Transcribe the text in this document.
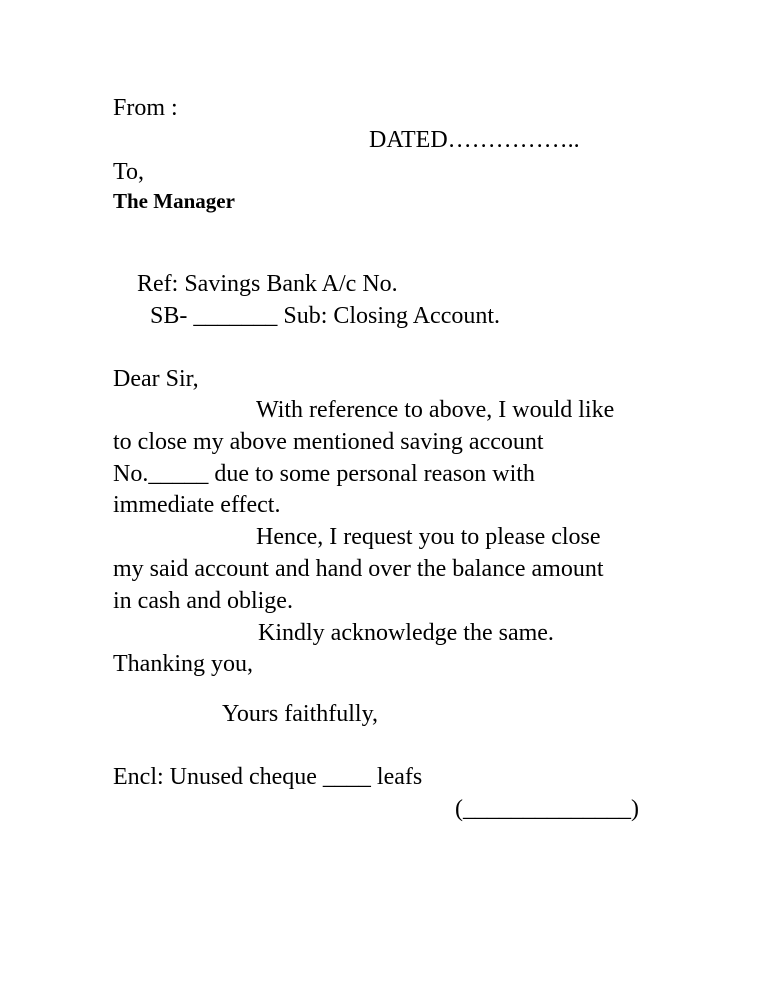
From :
DATED……………..
To,
The Manager
Ref: Savings Bank A/c No.
SB- _______ Sub: Closing Account.
Dear Sir,
With reference to above, I would like
to close my above mentioned saving account
No._____ due to some personal reason with
immediate effect.
Hence, I request you to please close
my said account and hand over the balance amount
in cash and oblige.
Kindly acknowledge the same.
Thanking you,
Yours faithfully,
Encl: Unused cheque ____ leafs
(______________)
